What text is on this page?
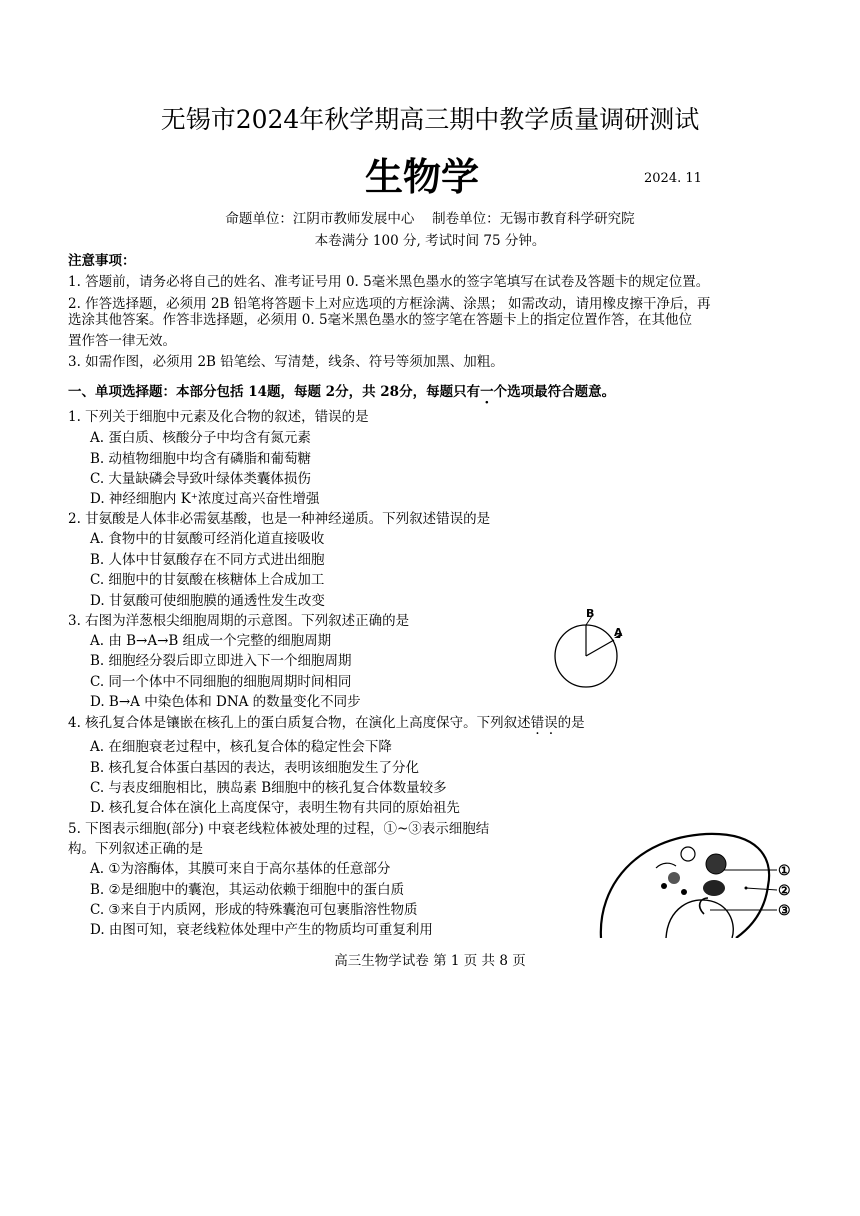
无锡市2024年秋学期高三期中教学质量调研测试
生物学	2024. 11
命题单位：江阴市教师发展中心　 制卷单位：无锡市教育科学研究院
本卷满分 100 分, 考试时间 75 分钟。
注意事项：
1. 答题前，请务必将自己的姓名、准考证号用 0. 5毫米黑色墨水的签字笔填写在试卷及答题卡的规定位置。
2. 作答选择题，必须用 2B 铅笔将答题卡上对应选项的方框涂满、涂黑； 如需改动，请用橡皮擦干净后，再
选涂其他答案。作答非选择题，必须用 0. 5毫米黑色墨水的签字笔在答题卡上的指定位置作答，在其他位
置作答一律无效。
3. 如需作图，必须用 2B 铅笔绘、写清楚，线条、符号等须加黑、加粗。
一、单项选择题：本部分包括 14题，每题 2分，共 28分，每题只有一个选项最符合题意。
1. 下列关于细胞中元素及化合物的叙述，错误的是
A. 蛋白质、核酸分子中均含有氮元素
B. 动植物细胞中均含有磷脂和葡萄糖
C. 大量缺磷会导致叶绿体类囊体损伤
D. 神经细胞内 K⁺浓度过高兴奋性增强
2. 甘氨酸是人体非必需氨基酸，也是一种神经递质。下列叙述错误的是
A. 食物中的甘氨酸可经消化道直接吸收
B. 人体中甘氨酸存在不同方式进出细胞
C. 细胞中的甘氨酸在核糖体上合成加工
D. 甘氨酸可使细胞膜的通透性发生改变
3. 右图为洋葱根尖细胞周期的示意图。下列叙述正确的是
A. 由 B→A→B 组成一个完整的细胞周期
B. 细胞经分裂后即立即进入下一个细胞周期
C. 同一个体中不同细胞的细胞周期时间相同
D. B→A 中染色体和 DNA 的数量变化不同步
B
A
4. 核孔复合体是镶嵌在核孔上的蛋白质复合物，在演化上高度保守。下列叙述错误的是
A. 在细胞衰老过程中，核孔复合体的稳定性会下降
B. 核孔复合体蛋白基因的表达，表明该细胞发生了分化
C. 与表皮细胞相比，胰岛素 B细胞中的核孔复合体数量较多
D. 核孔复合体在演化上高度保守，表明生物有共同的原始祖先
5. 下图表示细胞(部分) 中衰老线粒体被处理的过程，①~③表示细胞结
构。下列叙述正确的是
A. ①为溶酶体，其膜可来自于高尔基体的任意部分
B. ②是细胞中的囊泡，其运动依赖于细胞中的蛋白质
C. ③来自于内质网，形成的特殊囊泡可包裹脂溶性物质
D. 由图可知，衰老线粒体处理中产生的物质均可重复利用
①
②
③
高三生物学试卷 第 1 页 共 8 页
